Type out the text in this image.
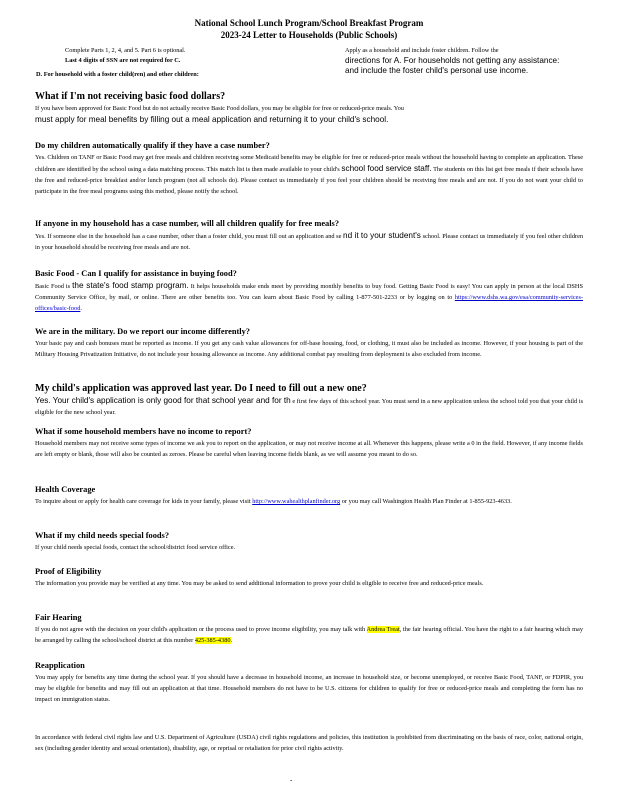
National School Lunch Program/School Breakfast Program
2023-24 Letter to Households (Public Schools)
Complete Parts 1, 2, 4, and 5. Part 6 is optional.
Last 4 digits of SSN are not required for C.
D. For household with a foster child(ren) and other children:
Apply as a household and include foster children. Follow the
directions for A. For households not getting any assistance:
and include the foster child's personal use income.
What if I'm not receiving basic food dollars?
If you have been approved for Basic Food but do not actually receive Basic Food dollars, you may be eligible for free or reduced-price meals. You
must apply for meal benefits by filling out a meal application and returning it to your child's school.
Do my children automatically qualify if they have a case number?
Yes. Children on TANF or Basic Food may get free meals and children receiving some Medicaid benefits may be eligible for free or reduced-price meals without the household having to complete an application. These children are identified by the school using a data matching process. This match list is then made available to your child's school food service staff. The students on this list get free meals if their schools have the free and reduced-price breakfast and/or lunch program (not all schools do). Please contact us immediately if you feel your children should be receiving free meals and are not. If you do not want your child to participate in the free meal programs using this method, please notify the school.
If anyone in my household has a case number, will all children qualify for free meals?
Yes. If someone else in the household has a case number, other than a foster child, you must fill out an application and se nd it to your student's school. Please contact us immediately if you feel other children in your household should be receiving free meals and are not.
Basic Food - Can I qualify for assistance in buying food?
Basic Food is the state's food stamp program. It helps households make ends meet by providing monthly benefits to buy food. Getting Basic Food is easy! You can apply in person at the local DSHS Community Service Office, by mail, or online. There are other benefits too. You can learn about Basic Food by calling 1-877-501-2233 or by logging on to https://www.dshs.wa.gov/esa/community-services-offices/basic-food.
We are in the military. Do we report our income differently?
Your basic pay and cash bonuses must be reported as income. If you get any cash value allowances for off-base housing, food, or clothing, it must also be included as income. However, if your housing is part of the Military Housing Privatization Initiative, do not include your housing allowance as income. Any additional combat pay resulting from deployment is also excluded from income.
My child's application was approved last year. Do I need to fill out a new one?
Yes. Your child's application is only good for that school year and for th e first few days of this school year. You must send in a new application unless the school told you that your child is eligible for the new school year.
What if some household members have no income to report?
Household members may not receive some types of income we ask you to report on the application, or may not receive income at all. Whenever this happens, please write a 0 in the field. However, if any income fields are left empty or blank, those will also be counted as zeroes. Please be careful when leaving income fields blank, as we will assume you meant to do so.
Health Coverage
To inquire about or apply for health care coverage for kids in your family, please visit http://www.wahealthplanfinder.org or you may call Washington Health Plan Finder at 1-855-923-4633.
What if my child needs special foods?
If your child needs special foods, contact the school/district food service office.
Proof of Eligibility
The information you provide may be verified at any time. You may be asked to send additional information to prove your child is eligible to receive free and reduced-price meals.
Fair Hearing
If you do not agree with the decision on your child's application or the process used to prove income eligibility, you may talk with Andrea Treat, the fair hearing official. You have the right to a fair hearing which may be arranged by calling the school/school district at this number 425-385-4380.
Reapplication
You may apply for benefits any time during the school year. If you should have a decrease in household income, an increase in household size, or become unemployed, or receive Basic Food, TANF, or FDPIR, you may be eligible for benefits and may fill out an application at that time. Household members do not have to be U.S. citizens for children to qualify for free or reduced-price meals and completing the form has no impact on immigration status.
In accordance with federal civil rights law and U.S. Department of Agriculture (USDA) civil rights regulations and policies, this institution is prohibited from discriminating on the basis of race, color, national origin, sex (including gender identity and sexual orientation), disability, age, or reprisal or retaliation for prior civil rights activity.
-
